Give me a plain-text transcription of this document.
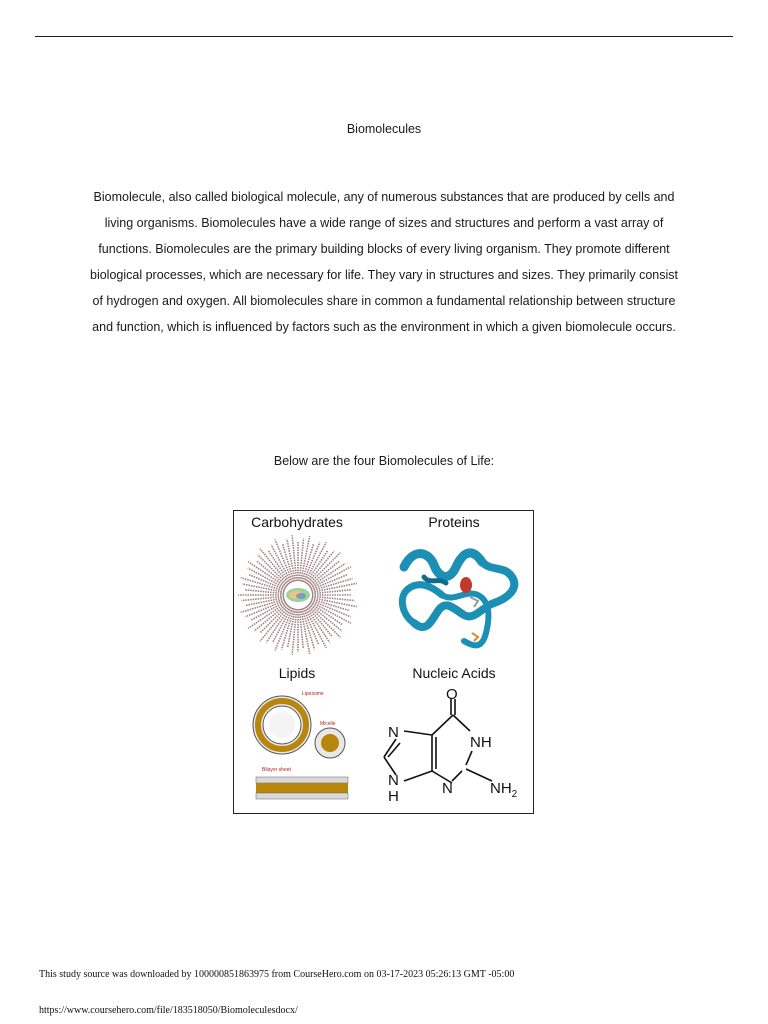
Biomolecules

Biomolecule, also called biological molecule, any of numerous substances that are produced by cells and living organisms. Biomolecules have a wide range of sizes and structures and perform a vast array of functions. Biomolecules are the primary building blocks of every living organism. They promote different biological processes, which are necessary for life. They vary in structures and sizes. They primarily consist of hydrogen and oxygen. All biomolecules share in common a fundamental relationship between structure and function, which is influenced by factors such as the environment in which a given biomolecule occurs.

Below are the four Biomolecules of Life:
Carbohydrates	Proteins
Lipids	Nucleic Acids
Liposome
Micelle
Bilayer sheet
O
N
NH
N
H	N $NH_2$
This study source was downloaded by 100000851863975 from CourseHero.com on 03-17-2023 05:26:13 GMT -05:00
https://www.coursehero.com/file/183518050/Biomoleculesdocx/
